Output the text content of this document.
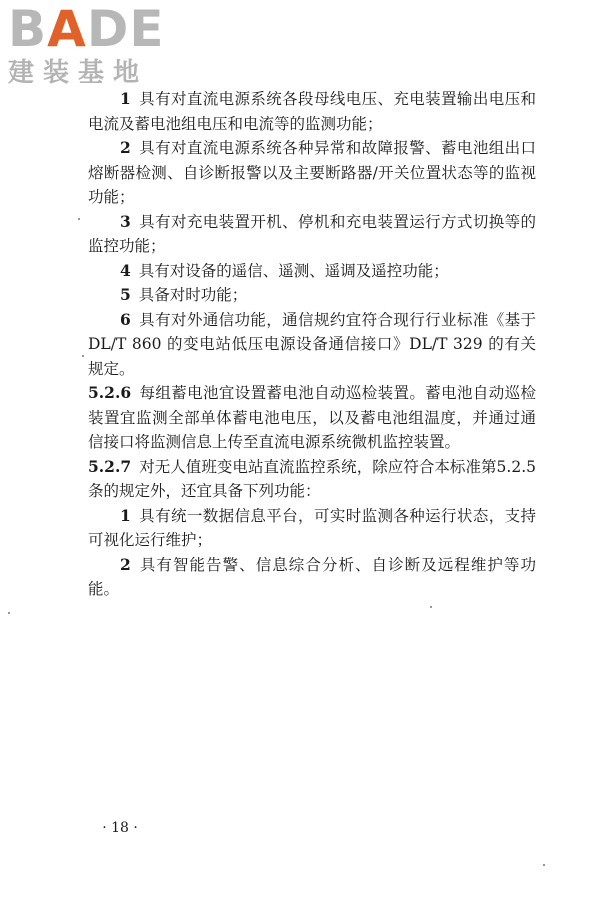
BADE
建装基地

1 具有对直流电源系统各段母线电压、充电装置输出电压和电流及蓄电池组电压和电流等的监测功能；

2 具有对直流电源系统各种异常和故障报警、蓄电池组出口熔断器检测、自诊断报警以及主要断路器/开关位置状态等的监视功能；

3 具有对充电装置开机、停机和充电装置运行方式切换等的监控功能；

4 具有对设备的遥信、遥测、遥调及遥控功能；

5 具备对时功能；

6 具有对外通信功能，通信规约宜符合现行行业标准《基于DL/T 860 的变电站低压电源设备通信接口》DL/T 329 的有关规定。

5.2.6 每组蓄电池宜设置蓄电池自动巡检装置。蓄电池自动巡检装置宜监测全部单体蓄电池电压，以及蓄电池组温度，并通过通信接口将监测信息上传至直流电源系统微机监控装置。

5.2.7 对无人值班变电站直流监控系统，除应符合本标准第5.2.5条的规定外，还宜具备下列功能：

1 具有统一数据信息平台，可实时监测各种运行状态，支持可视化运行维护；

2 具有智能告警、信息综合分析、自诊断及远程维护等功能。

· 18 ·
